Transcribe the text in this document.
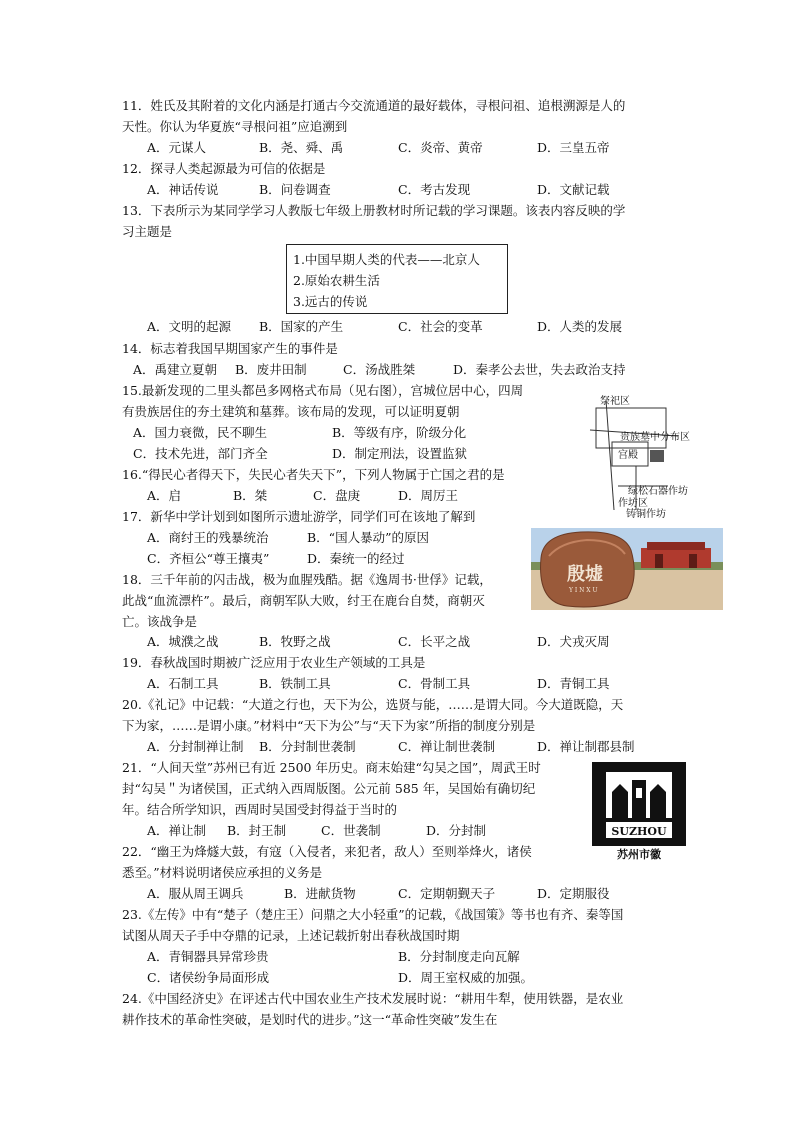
11．姓氏及其附着的文化内涵是打通古今交流通道的最好载体，寻根问祖、追根溯源是人的
天性。你认为华夏族“寻根问祖”应追溯到
A．元谋人	B．尧、舜、禹	C．炎帝、黄帝	D．三皇五帝
12．探寻人类起源最为可信的依据是
A．神话传说	B．问卷调查	C．考古发现	D．文献记载
13．下表所示为某同学学习人教版七年级上册教材时所记载的学习课题。该表内容反映的学
习主题是
1.中国早期人类的代表——北京人
2.原始农耕生活
3.远古的传说
A．文明的起源 B．国家的产生	C．社会的变革	D．人类的发展
14．标志着我国早期国家产生的事件是
A．禹建立夏朝 B．废井田制	C．汤战胜桀	D．秦孝公去世，失去政治支持
15.最新发现的二里头都邑多网格式布局（见右图），宫城位居中心，四周
有贵族居住的夯土建筑和墓葬。该布局的发现，可以证明夏朝
A．国力衰微，民不聊生	B．等级有序，阶级分化
C．技术先进，部门齐全	D．制定刑法，设置监狱
祭祀区
贵族墓中分布区
宫殿
绿松石器作坊
作坊区
铸铜作坊
16.“得民心者得天下，失民心者失天下”，下列人物属于亡国之君的是
A．启	B．桀	C．盘庚	D．周厉王
17．新华中学计划到如图所示遗址游学，同学们可在该地了解到
A．商纣王的残暴统治	B．“国人暴动”的原因
C．齐桓公“尊王攘夷”	D．秦统一的经过
殷墟
Y I N X U
18．三千年前的闪击战，极为血腥残酷。据《逸周书·世俘》记载，
此战“血流漂杵”。最后，商朝军队大败，纣王在鹿台自焚，商朝灭
亡。该战争是
A．城濮之战	B．牧野之战	C．长平之战	D．犬戎灭周
19．春秋战国时期被广泛应用于农业生产领域的工具是
A．石制工具	B．铁制工具	C．骨制工具	D．青铜工具
20.《礼记》中记载：“大道之行也，天下为公，选贤与能，……是谓大同。今大道既隐，天
下为家，……是谓小康。”材料中“天下为公”与“天下为家”所指的制度分别是
A．分封制禅让制 B．分封制世袭制	C．禅让制世袭制	D．禅让制郡县制
21．“人间天堂”苏州已有近 2500 年历史。商末始建“勾吴之国”，周武王时
封“勾吴＂为诸侯国，正式纳入西周版图。公元前 585 年，吴国始有确切纪
年。结合所学知识，西周时吴国受封得益于当时的
A．禅让制 B．封王制	C．世袭制	D．分封制	SUZHOU
苏州市徽
22．“幽王为烽燧大鼓，有寇（入侵者，来犯者，敌人）至则举烽火，诸侯
悉至。”材料说明诸侯应承担的义务是
A．服从周王调兵	B．进献货物	C．定期朝觐天子	D．定期服役
23.《左传》中有“楚子（楚庄王）问鼎之大小轻重”的记载，《战国策》等书也有齐、秦等国
试图从周天子手中夺鼎的记录，上述记载折射出春秋战国时期
A．青铜器具异常珍贵	B．分封制度走向瓦解
C．诸侯纷争局面形成	D．周王室权威的加强。
24.《中国经济史》在评述古代中国农业生产技术发展时说：“耕用牛犁，使用铁器，是农业
耕作技术的革命性突破，是划时代的进步。”这一“革命性突破”发生在
